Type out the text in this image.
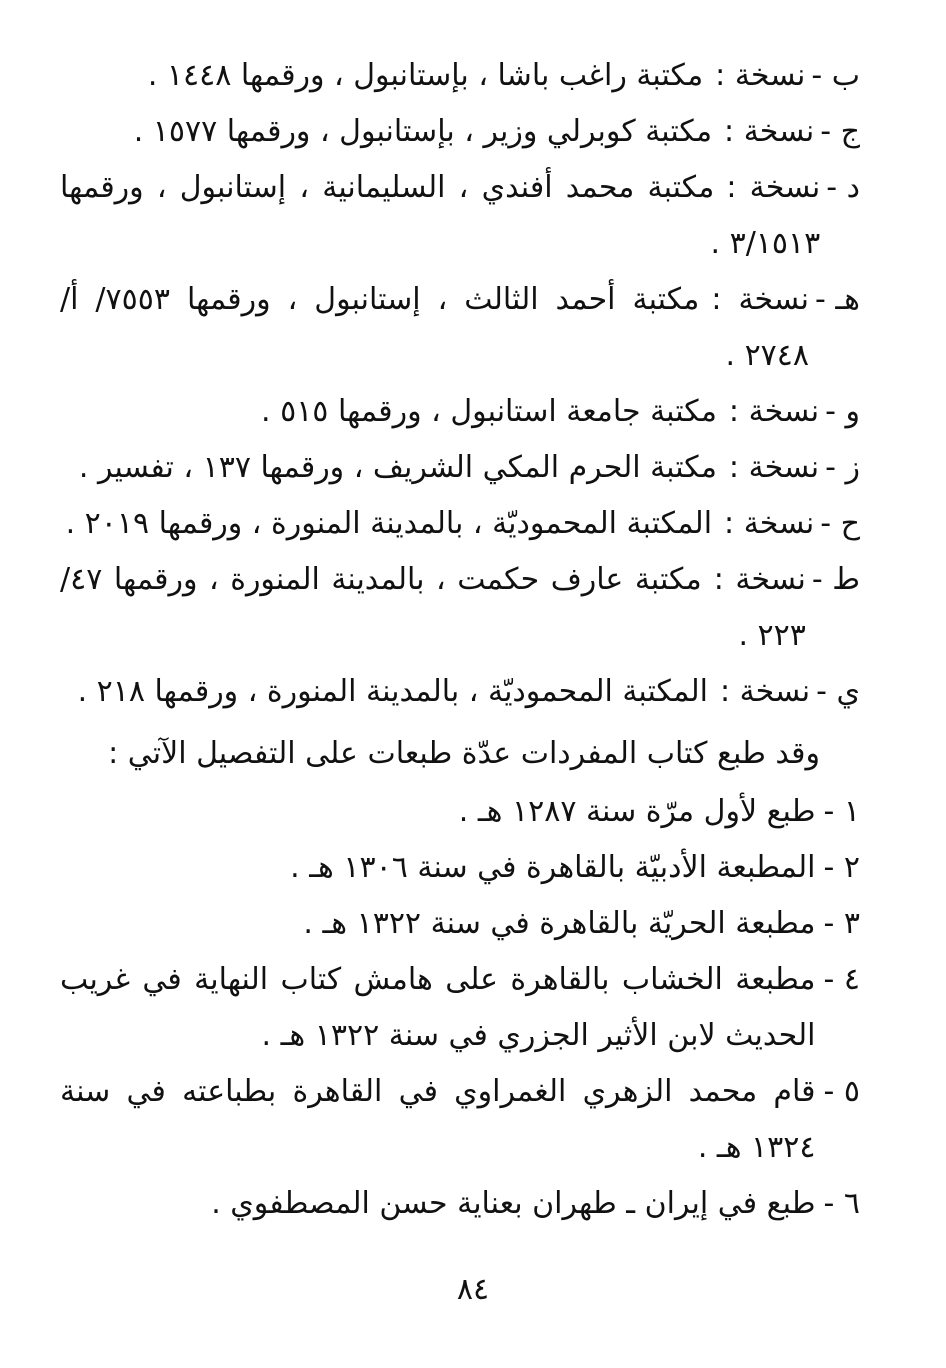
ب -
نسخة :مكتبة راغب باشا ، بإستانبول ، ورقمها ١٤٤٨ .
ج -
نسخة :مكتبة كوبرلي وزير ، بإستانبول ، ورقمها ١٥٧٧ .
د -
نسخة :مكتبة محمد أفندي ، السليمانية ، إستانبول ، ورقمها ٣/١٥١٣ .
هـ -
نسخة :مكتبة أحمد الثالث ، إستانبول ، ورقمها ٧٥٥٣/ أ/ ٢٧٤٨ .
و -
نسخة :مكتبة جامعة استانبول ، ورقمها ٥١٥ .
ز -
نسخة :مكتبة الحرم المكي الشريف ، ورقمها ١٣٧ ، تفسير .
ح -
نسخة :المكتبة المحموديّة ، بالمدينة المنورة ، ورقمها ٢٠١٩ .
ط -
نسخة :مكتبة عارف حكمت ، بالمدينة المنورة ، ورقمها ٤٧/ ٢٢٣ .
ي -
نسخة :المكتبة المحموديّة ، بالمدينة المنورة ، ورقمها ٢١٨ .

وقد طبع كتاب المفردات عدّة طبعات على التفصيل الآتي :

١ -
طبع لأول مرّة سنة ١٢٨٧ هـ .
٢ -
المطبعة الأدبيّة بالقاهرة في سنة ١٣٠٦ هـ .
٣ -
مطبعة الحريّة بالقاهرة في سنة ١٣٢٢ هـ .
٤ -
مطبعة الخشاب بالقاهرة على هامش كتاب النهاية في غريب الحديث لابن الأثير الجزري في سنة ١٣٢٢ هـ .
٥ -
قام محمد الزهري الغمراوي في القاهرة بطباعته في سنة ١٣٢٤ هـ .
٦ -
طبع في إيران ـ طهران بعناية حسن المصطفوي .
٨٤
